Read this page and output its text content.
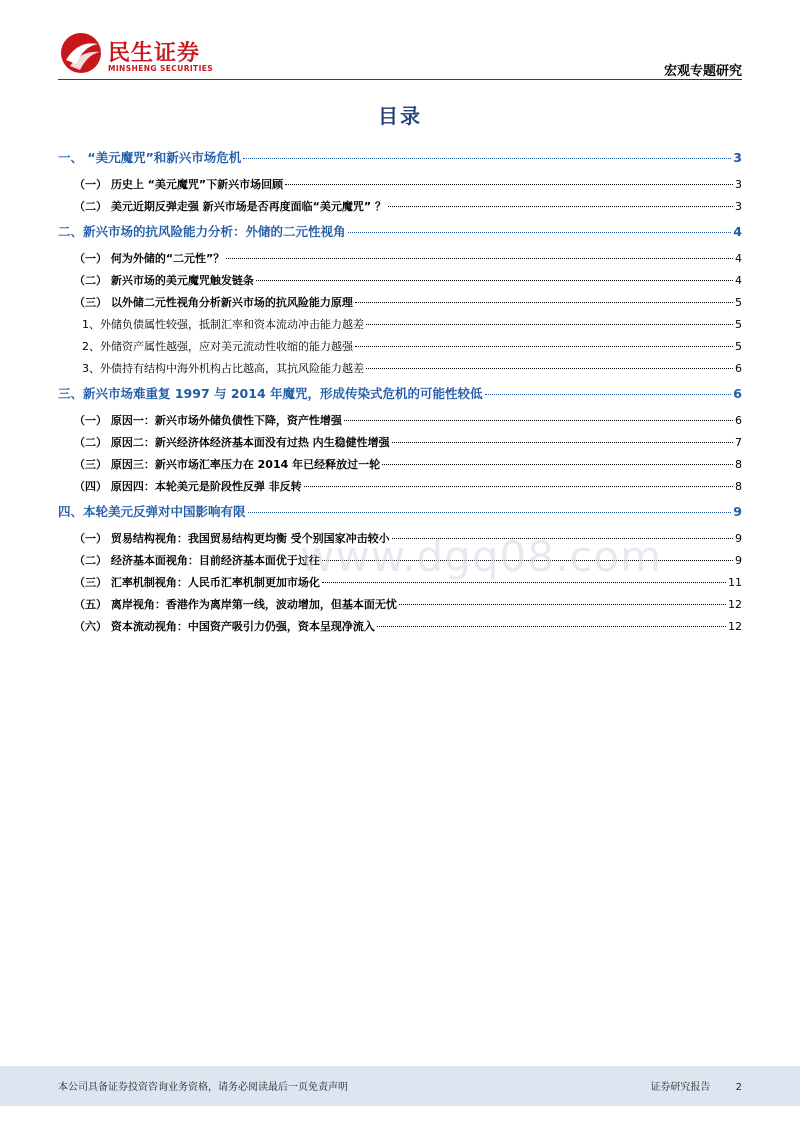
民生证券
MINSHENG SECURITIES	宏观专题研究
目录
一、 “美元魔咒”和新兴市场危机	3
（一） 历史上 “美元魔咒”下新兴市场回顾	3
（二） 美元近期反弹走强 新兴市场是否再度面临“美元魔咒” ？	3
二、新兴市场的抗风险能力分析：外储的二元性视角	4
（一） 何为外储的“二元性”？	4
（二） 新兴市场的美元魔咒触发链条	4
（三） 以外储二元性视角分析新兴市场的抗风险能力原理	5
1、外储负债属性较强，抵制汇率和资本流动冲击能力越差	5
2、外储资产属性越强，应对美元流动性收缩的能力越强	5
3、外债持有结构中海外机构占比越高，其抗风险能力越差	6
三、新兴市场难重复 1997 与 2014 年魔咒，形成传染式危机的可能性较低	6
（一） 原因一：新兴市场外储负债性下降，资产性增强	6
（二） 原因二：新兴经济体经济基本面没有过热 内生稳健性增强	7
（三） 原因三：新兴市场汇率压力在 2014 年已经释放过一轮	8
（四） 原因四：本轮美元是阶段性反弹 非反转	8
四、本轮美元反弹对中国影响有限	9
（一） 贸易结构视角：我国贸易结构更均衡 受个别国家冲击较小	9
（二） 经济基本面视角：目前经济基本面优于过往	9
（三） 汇率机制视角：人民币汇率机制更加市场化	11
（五） 离岸视角：香港作为离岸第一线，波动增加，但基本面无忧	12
（六） 资本流动视角：中国资产吸引力仍强，资本呈现净流入	12
www.dgq08.com
本公司具备证券投资咨询业务资格，请务必阅读最后一页免责声明	证券研究报告	2
